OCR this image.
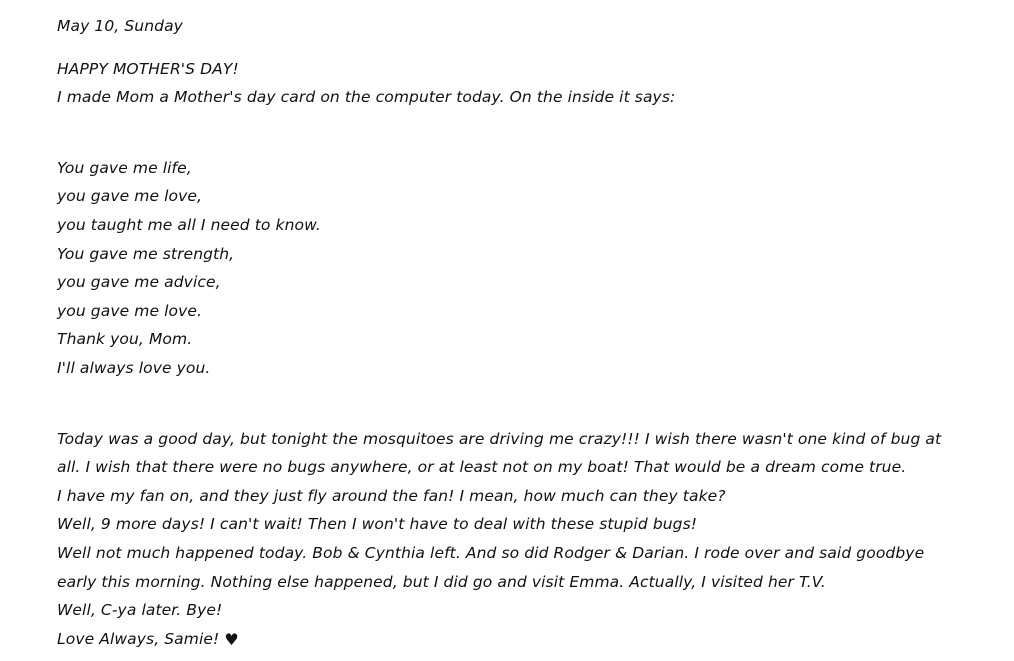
May 10, Sunday
HAPPY MOTHER'S DAY!
I made Mom a Mother's day card on the computer today. On the inside it says:
You gave me life,
you gave me love,
you taught me all I need to know.
You gave me strength,
you gave me advice,
you gave me love.
Thank you, Mom.
I'll always love you.
Today was a good day, but tonight the mosquitoes are driving me crazy!!! I wish there wasn't one kind of bug at all. I wish that there were no bugs anywhere, or at least not on my boat! That would be a dream come true.
I have my fan on, and they just fly around the fan! I mean, how much can they take?
Well, 9 more days! I can't wait! Then I won't have to deal with these stupid bugs!
Well not much happened today. Bob & Cynthia left. And so did Rodger & Darian. I rode over and said goodbye early this morning. Nothing else happened, but I did go and visit Emma. Actually, I visited her T.V.
Well, C-ya later. Bye!
Love Always, Samie! ♥
